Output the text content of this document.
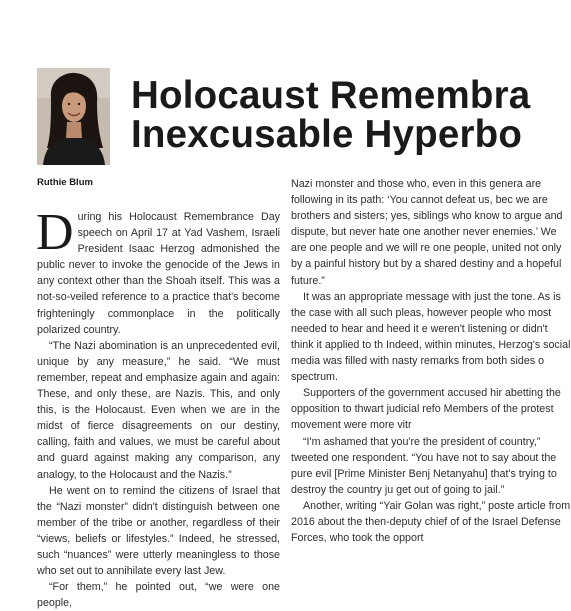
Holocaust Remembra
Inexcusable Hyperbo

Ruthie Blum

During his Holocaust Remembrance Day speech on April 17 at Yad Vashem, Israeli President Isaac Herzog admonished the public never to invoke the genocide of the Jews in any context other than the Shoah itself. This was a not-so-veiled reference to a practice that's become frighteningly commonplace in the politically polarized country.

“The Nazi abomination is an unprecedented evil, unique by any measure,” he said. “We must remember, repeat and emphasize again and again: These, and only these, are Nazis. This, and only this, is the Holocaust. Even when we are in the midst of fierce disagreements on our destiny, calling, faith and values, we must be careful about and guard against making any comparison, any analogy, to the Holocaust and the Nazis.”

He went on to remind the citizens of Israel that the “Nazi monster” didn't distinguish between one member of the tribe or another, regardless of their “views, beliefs or lifestyles.” Indeed, he stressed, such “nuances” were utterly meaningless to those who set out to annihilate every last Jew.

“For them,” he pointed out, “we were one people,

Nazi monster and those who, even in this genera are following in its path: ‘You cannot defeat us, bec we are brothers and sisters; yes, siblings who know to argue and dispute, but never hate one another never enemies.’ We are one people and we will re one people, united not only by a painful history but by a shared destiny and a hopeful future.”

It was an appropriate message with just the tone. As is the case with all such pleas, however people who most needed to hear and heed it e weren't listening or didn't think it applied to th Indeed, within minutes, Herzog's social media was filled with nasty remarks from both sides o spectrum.

Supporters of the government accused hir abetting the opposition to thwart judicial refo Members of the protest movement were more vitr

“I'm ashamed that you're the president of country,” tweeted one respondent. “You have not to say about the pure evil [Prime Minister Benj Netanyahu] that's trying to destroy the country ju get out of going to jail.”

Another, writing “Yair Golan was right,” poste article from 2016 about the then-deputy chief of of the Israel Defense Forces, who took the opport
